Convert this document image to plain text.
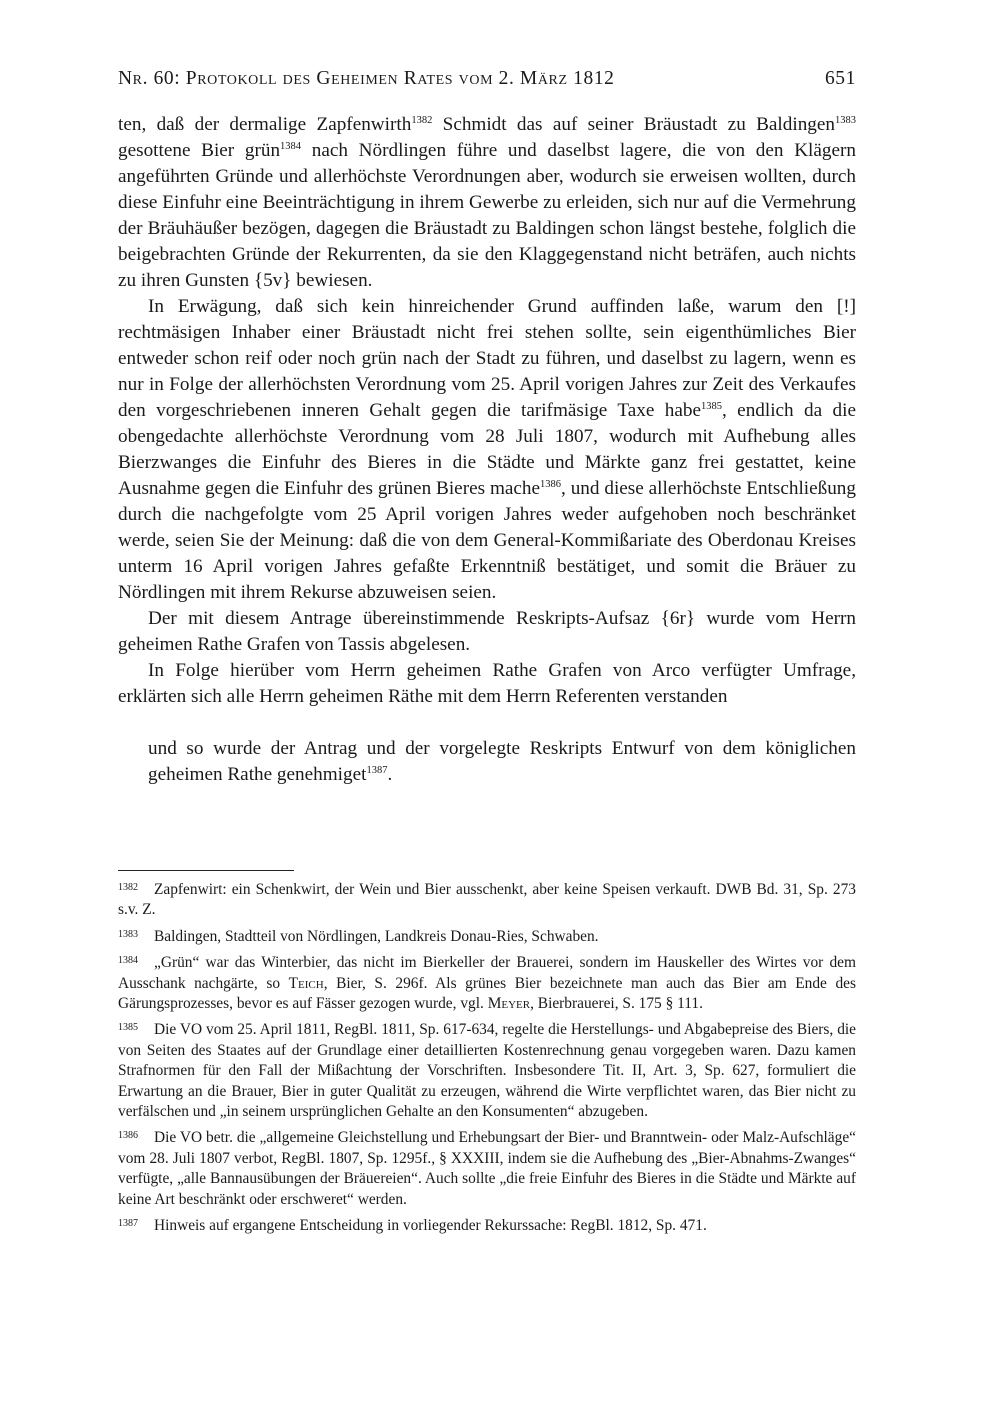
Nr. 60: Protokoll des Geheimen Rates vom 2. März 1812	651

ten, daß der dermalige Zapfenwirth$^{1382}$ Schmidt das auf seiner Bräustadt zu Baldingen$^{1383}$ gesottene Bier grün$^{1384}$ nach Nördlingen führe und daselbst lagere, die von den Klägern angeführten Gründe und allerhöchste Verordnungen aber, wodurch sie erweisen wollten, durch diese Einfuhr eine Beeinträchtigung in ihrem Gewerbe zu erleiden, sich nur auf die Vermehrung der Bräuhäußer bezögen, dagegen die Bräustadt zu Baldingen schon längst bestehe, folglich die beigebrachten Gründe der Rekurrenten, da sie den Klaggegenstand nicht beträfen, auch nichts zu ihren Gunsten {5v} bewiesen.

In Erwägung, daß sich kein hinreichender Grund auffinden laße, warum den [!] rechtmäsigen Inhaber einer Bräustadt nicht frei stehen sollte, sein eigenthümliches Bier entweder schon reif oder noch grün nach der Stadt zu führen, und daselbst zu lagern, wenn es nur in Folge der allerhöchsten Verordnung vom 25. April vorigen Jahres zur Zeit des Verkaufes den vorgeschriebenen inneren Gehalt gegen die tarifmäsige Taxe habe$^{1385}$, endlich da die obengedachte allerhöchste Verordnung vom 28 Juli 1807, wodurch mit Aufhebung alles Bierzwanges die Einfuhr des Bieres in die Städte und Märkte ganz frei gestattet, keine Ausnahme gegen die Einfuhr des grünen Bieres mache$^{1386}$, und diese allerhöchste Entschließung durch die nachgefolgte vom 25 April vorigen Jahres weder aufgehoben noch beschränket werde, seien Sie der Meinung: daß die von dem General-Kommißariate des Oberdonau Kreises unterm 16 April vorigen Jahres gefaßte Erkenntniß bestätiget, und somit die Bräuer zu Nördlingen mit ihrem Rekurse abzuweisen seien.

Der mit diesem Antrage übereinstimmende Reskripts-Aufsaz {6r} wurde vom Herrn geheimen Rathe Grafen von Tassis abgelesen.

In Folge hierüber vom Herrn geheimen Rathe Grafen von Arco verfügter Umfrage, erklärten sich alle Herrn geheimen Räthe mit dem Herrn Referenten verstanden

und so wurde der Antrag und der vorgelegte Reskripts Entwurf von dem königlichen geheimen Rathe genehmiget$^{1387}$.

$^{1382}$ Zapfenwirt: ein Schenkwirt, der Wein und Bier ausschenkt, aber keine Speisen verkauft. DWB Bd. 31, Sp. 273 s.v. Z.

$^{1383}$ Baldingen, Stadtteil von Nördlingen, Landkreis Donau-Ries, Schwaben.

$^{1384}$ „Grün“ war das Winterbier, das nicht im Bierkeller der Brauerei, sondern im Hauskeller des Wirtes vor dem Ausschank nachgärte, so Teich, Bier, S. 296f. Als grünes Bier bezeichnete man auch das Bier am Ende des Gärungsprozesses, bevor es auf Fässer gezogen wurde, vgl. Meyer, Bierbrauerei, S. 175 § 111.

$^{1385}$ Die VO vom 25. April 1811, RegBl. 1811, Sp. 617-634, regelte die Herstellungs- und Abgabepreise des Biers, die von Seiten des Staates auf der Grundlage einer detaillierten Kostenrechnung genau vorgegeben waren. Dazu kamen Strafnormen für den Fall der Mißachtung der Vorschriften. Insbesondere Tit. II, Art. 3, Sp. 627, formuliert die Erwartung an die Brauer, Bier in guter Qualität zu erzeugen, während die Wirte verpflichtet waren, das Bier nicht zu verfälschen und „in seinem ursprünglichen Gehalte an den Konsumenten“ abzugeben.

$^{1386}$ Die VO betr. die „allgemeine Gleichstellung und Erhebungsart der Bier- und Branntwein- oder Malz-Aufschläge“ vom 28. Juli 1807 verbot, RegBl. 1807, Sp. 1295f., § XXXIII, indem sie die Aufhebung des „Bier-Abnahms-Zwanges“ verfügte, „alle Bannausübungen der Bräuereien“. Auch sollte „die freie Einfuhr des Bieres in die Städte und Märkte auf keine Art beschränkt oder erschweret“ werden.

$^{1387}$ Hinweis auf ergangene Entscheidung in vorliegender Rekurssache: RegBl. 1812, Sp. 471.
